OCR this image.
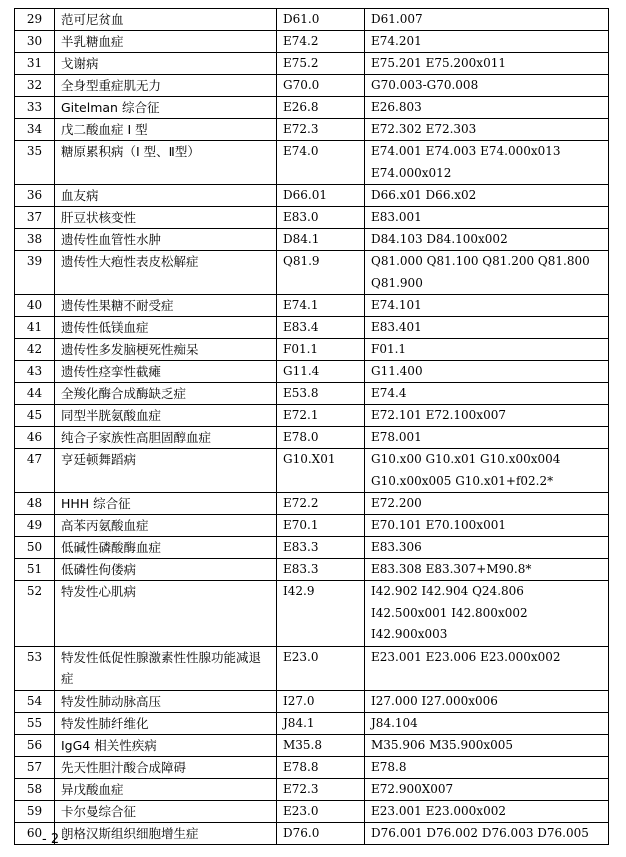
29	范可尼贫血	D61.0	D61.007
30	半乳糖血症	E74.2	E74.201
31	戈谢病	E75.2	E75.201 E75.200x011
32	全身型重症肌无力	G70.0	G70.003-G70.008
33	Gitelman 综合征	E26.8	E26.803
34	戊二酸血症 Ⅰ 型	E72.3	E72.302 E72.303
35	糖原累积病（Ⅰ 型、Ⅱ型）	E74.0	E74.001 E74.003 E74.000x013 E74.000x012
36	血友病	D66.01	D66.x01 D66.x02
37	肝豆状核变性	E83.0	E83.001
38	遗传性血管性水肿	D84.1	D84.103 D84.100x002
39	遗传性大疱性表皮松解症	Q81.9	Q81.000 Q81.100 Q81.200 Q81.800 Q81.900
40	遗传性果糖不耐受症	E74.1	E74.101
41	遗传性低镁血症	E83.4	E83.401
42	遗传性多发脑梗死性痴呆	F01.1	F01.1
43	遗传性痉挛性截瘫	G11.4	G11.400
44	全羧化酶合成酶缺乏症	E53.8	E74.4
45	同型半胱氨酸血症	E72.1	E72.101 E72.100x007
46	纯合子家族性高胆固醇血症	E78.0	E78.001
47	亨廷顿舞蹈病	G10.X01	G10.x00 G10.x01 G10.x00x004 G10.x00x005 G10.x01+f02.2*
48	HHH 综合征	E72.2	E72.200
49	高苯丙氨酸血症	E70.1	E70.101 E70.100x001
50	低碱性磷酸酶血症	E83.3	E83.306
51	低磷性佝偻病	E83.3	E83.308 E83.307+M90.8*
52	特发性心肌病	I42.9	I42.902 I42.904 Q24.806 I42.500x001 I42.800x002 I42.900x003
53	特发性低促性腺激素性性腺功能减退症	E23.0	E23.001 E23.006 E23.000x002
54	特发性肺动脉高压	I27.0	I27.000 I27.000x006
55	特发性肺纤维化	J84.1	J84.104
56	IgG4 相关性疾病	M35.8	M35.906 M35.900x005
57	先天性胆汁酸合成障碍	E78.8	E78.8
58	异戊酸血症	E72.3	E72.900X007
59	卡尔曼综合征	E23.0	E23.001 E23.000x002
60	朗格汉斯组织细胞增生症	D76.0	D76.001 D76.002 D76.003 D76.005
- 2 -
